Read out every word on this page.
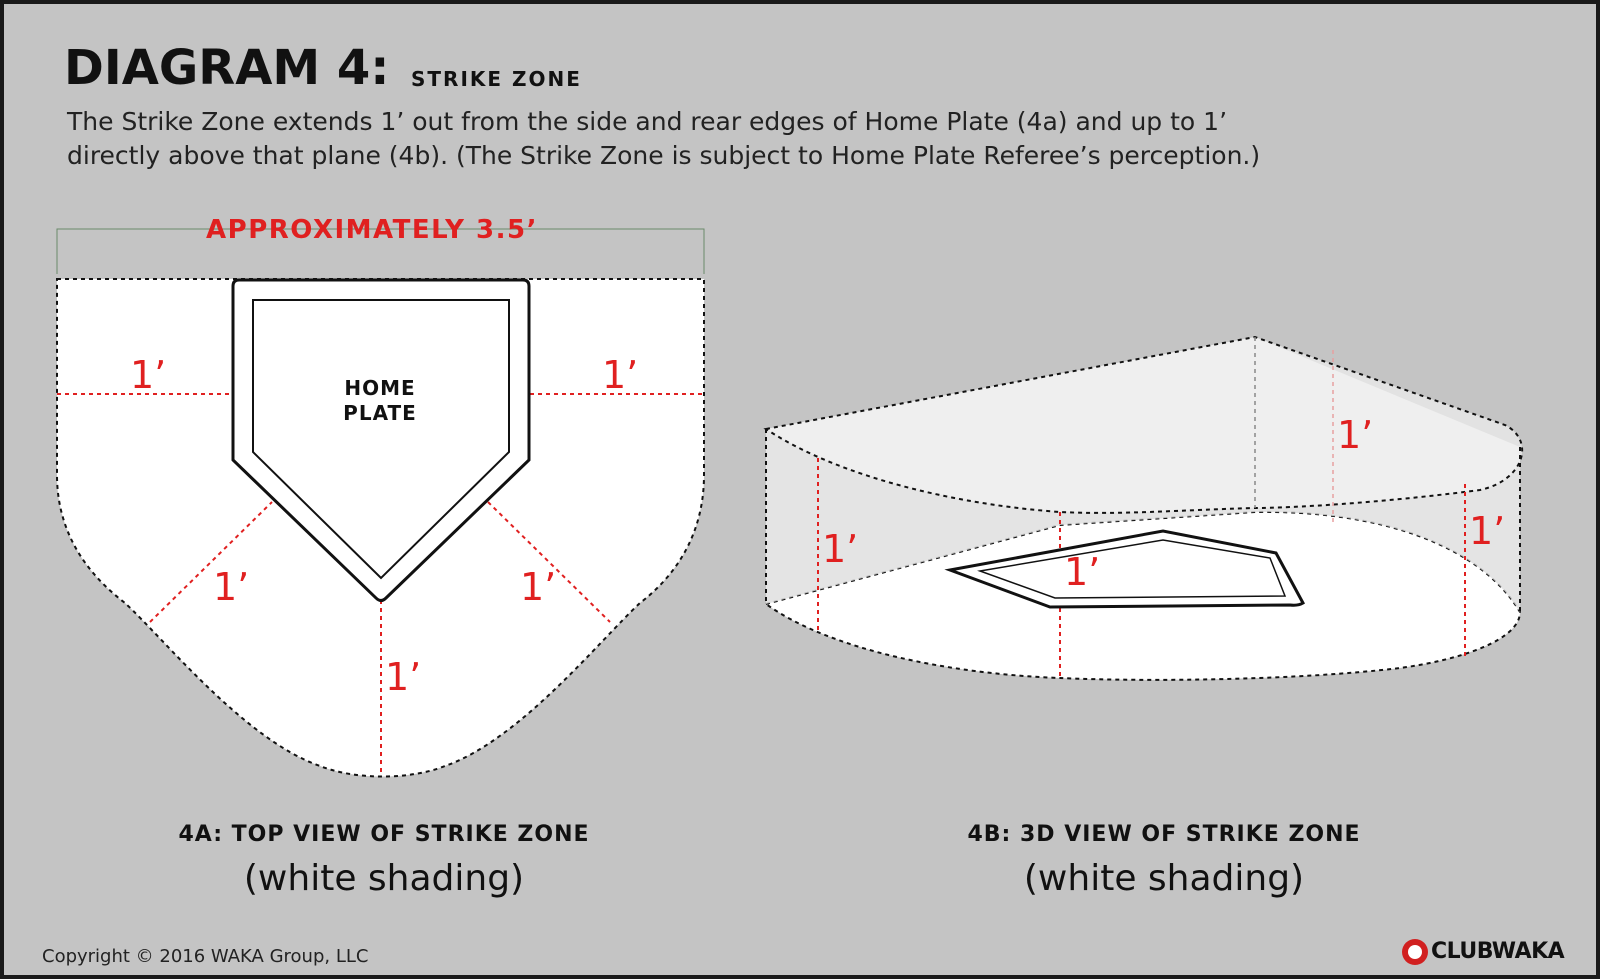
DIAGRAM 4: STRIKE ZONE

The Strike Zone extends 1’ out from the side and rear edges of Home Plate (4a) and up to 1’

directly above that plane (4b). (The Strike Zone is subject to Home Plate Referee’s perception.)

APPROXIMATELY 3.5’
HOME
PLATE
1’	1’
1’	1’
1’
1’
1’
1’
1’
4A: TOP VIEW OF STRIKE ZONE
(white shading)
4B: 3D VIEW OF STRIKE ZONE
(white shading)
Copyright © 2016 WAKA Group, LLC	CLUBWAKA
